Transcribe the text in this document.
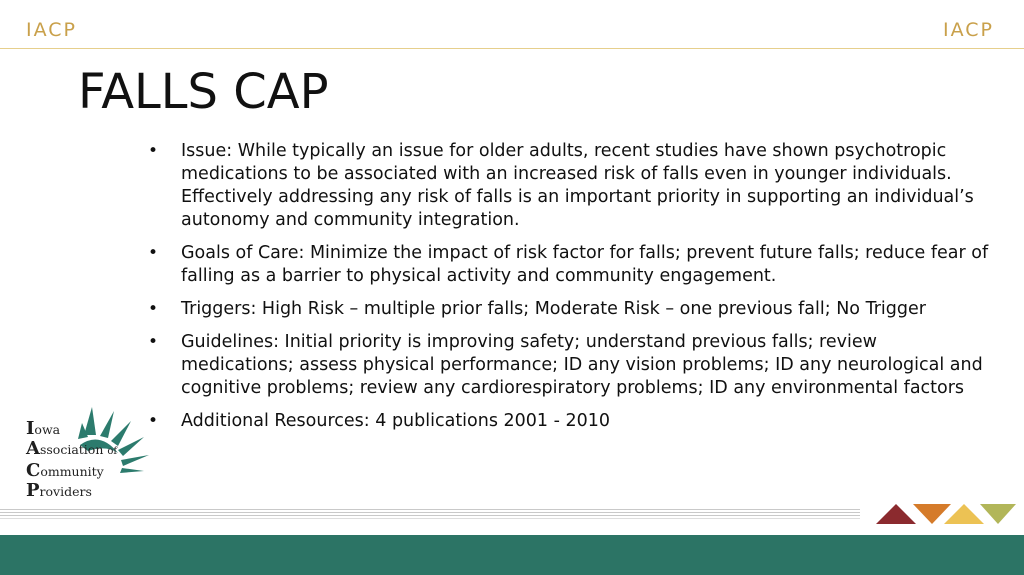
IACP	IACP
FALLS CAP
•	Issue: While typically an issue for older adults, recent studies have shown psychotropic medications to be associated with an increased risk of falls even in younger individuals. Effectively addressing any risk of falls is an important priority in supporting an individual’s autonomy and community integration.
•	Goals of Care: Minimize the impact of risk factor for falls; prevent future falls; reduce fear of falling as a barrier to physical activity and community engagement.
•	Triggers: High Risk – multiple prior falls; Moderate Risk – one previous fall; No Trigger
•	Guidelines: Initial priority is improving safety; understand previous falls; review medications; assess physical performance; ID any vision problems; ID any neurological and cognitive problems; review any cardiorespiratory problems; ID any environmental factors
•	Additional Resources: 4 publications 2001 - 2010
Iowa
Association of
Community
Providers
